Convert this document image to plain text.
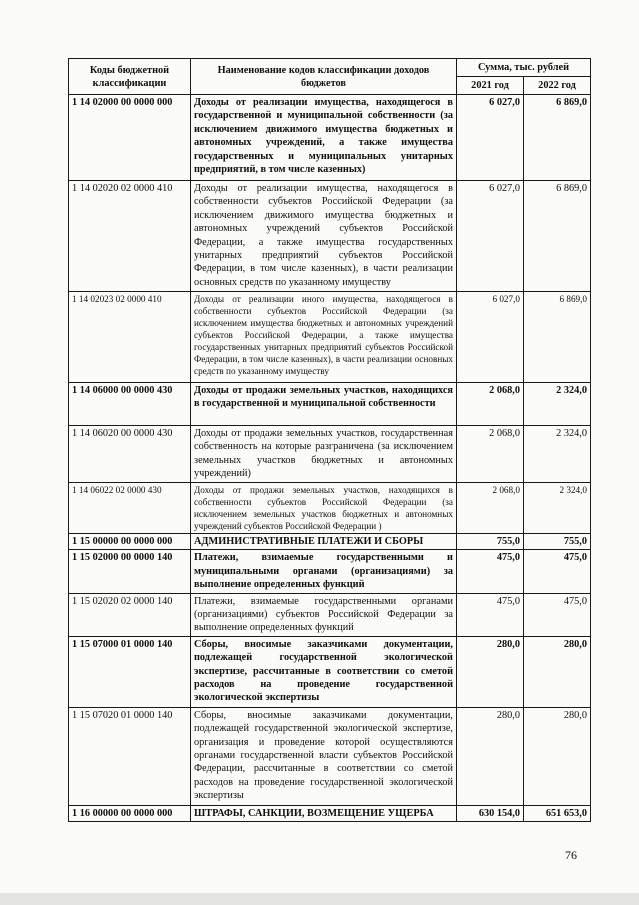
Коды бюджетной классификации	Наименование кодов классификации доходов бюджетов	Сумма, тыс. рублей	
		2021 год	2022 год
1 14 02000 00 0000 000	Доходы от реализации имущества, находящегося в государственной и муниципальной собственности (за исключением движимого имущества бюджетных и автономных учреждений, а также имущества государственных и муниципальных унитарных предприятий, в том числе казенных)	6 027,0	6 869,0
1 14 02020 02 0000 410	Доходы от реализации имущества, находящегося в собственности субъектов Российской Федерации (за исключением движимого имущества бюджетных и автономных учреждений субъектов Российской Федерации, а также имущества государственных унитарных предприятий субъектов Российской Федерации, в том числе казенных), в части реализации основных средств по указанному имуществу	6 027,0	6 869,0
1 14 02023 02 0000 410	Доходы от реализации иного имущества, находящегося в собственности субъектов Российской Федерации (за исключением имущества бюджетных и автономных учреждений субъектов Российской Федерации, а также имущества государственных унитарных предприятий субъектов Российской Федерации, в том числе казенных), в части реализации основных средств по указанному имуществу	6 027,0	6 869,0
1 14 06000 00 0000 430	Доходы от продажи земельных участков, находящихся в государственной и муниципальной собственности	2 068,0	2 324,0
1 14 06020 00 0000 430	Доходы от продажи земельных участков, государственная собственность на которые разграничена (за исключением земельных участков бюджетных и автономных учреждений)	2 068,0	2 324,0
1 14 06022 02 0000 430	Доходы от продажи земельных участков, находящихся в собственности субъектов Российской Федерации (за исключением земельных участков бюджетных и автономных учреждений субъектов Российской Федерации )	2 068,0	2 324,0
1 15 00000 00 0000 000	АДМИНИСТРАТИВНЫЕ ПЛАТЕЖИ И СБОРЫ	755,0	755,0
1 15 02000 00 0000 140	Платежи, взимаемые государственными и муниципальными органами (организациями) за выполнение определенных функций	475,0	475,0
1 15 02020 02 0000 140	Платежи, взимаемые государственными органами (организациями) субъектов Российской Федерации за выполнение определенных функций	475,0	475,0
1 15 07000 01 0000 140	Сборы, вносимые заказчиками документации, подлежащей государственной экологической экспертизе, рассчитанные в соответствии со сметой расходов на проведение государственной экологической экспертизы	280,0	280,0
1 15 07020 01 0000 140	Сборы, вносимые заказчиками документации, подлежащей государственной экологической экспертизе, организация и проведение которой осуществляются органами государственной власти субъектов Российской Федерации, рассчитанные в соответствии со сметой расходов на проведение государственной экологической экспертизы	280,0	280,0
1 16 00000 00 0000 000	ШТРАФЫ, САНКЦИИ, ВОЗМЕЩЕНИЕ УЩЕРБА	630 154,0	651 653,0
76
